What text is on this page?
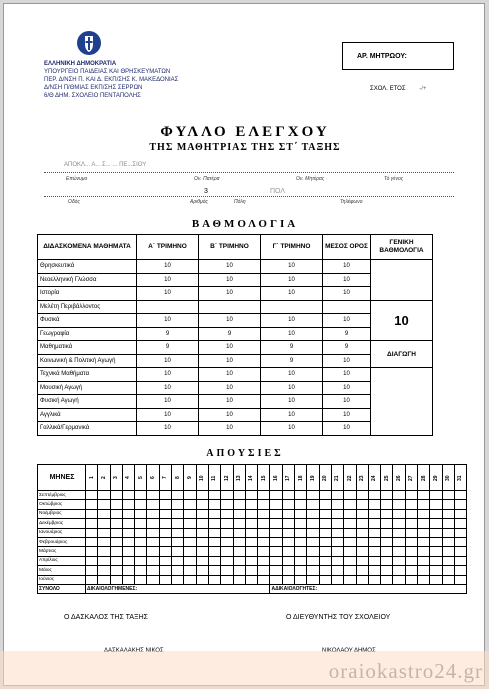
ΕΛΛΗΝΙΚΗ ΔΗΜΟΚΡΑΤΙΑ
ΥΠΟΥΡΓΕΙΟ ΠΑΙΔΕΙΑΣ ΚΑΙ ΘΡΗΣΚΕΥΜΑΤΩΝ
ΠΕΡ. Δ/ΝΣΗ Π. ΚΑΙ Δ. ΕΚΠ/ΣΗΣ Κ. ΜΑΚΕΔΟΝΙΑΣ
Δ/ΝΣΗ Π/ΘΜΙΑΣ ΕΚΠ/ΣΗΣ ΣΕΡΡΩΝ
6/Θ ΔΗΜ. ΣΧΟΛΕΙΟ ΠΕΝΤΑΠΟΛΗΣ
ΑΡ. ΜΗΤΡΩΟΥ:
ΣΧΟΛ. ΕΤΟΣ -/+
ΦΥΛΛΟ ΕΛΕΓΧΟΥ
ΤΗΣ ΜΑΘΗΤΡΙΑΣ ΤΗΣ ΣΤ΄ ΤΑΞΗΣ
ΑΠΟΚΛ... Α... Σ... ... ΠΕ...ΣΙΟΥ
Επώνυμο	Ον. Πατέρα	Ον. Μητέρας	Τό γένος
3	ΠΟΛ
Οδός	Αριθμός	Πόλη	Τηλέφωνο
ΒΑΘΜΟΛΟΓΙΑ
ΔΙΔΑΣΚΟΜΕΝΑ ΜΑΘΗΜΑΤΑ	Α΄ ΤΡΙΜΗΝΟ	Β΄ ΤΡΙΜΗΝΟ	Γ΄ ΤΡΙΜΗΝΟ	ΜΕΣΟΣ ΟΡΟΣ	ΓΕΝΙΚΗ ΒΑΘΜΟΛΟΓΙΑ
Θρησκευτικά	10	10	10	10	
Νεοελληνική Γλώσσα	10	10	10	10	
Ιστορία	10	10	10	10	
Μελέτη Περιβάλλοντος					10
Φυσικά	10	10	10	10	
Γεωγραφία	9	9	10	9	
Μαθηματικά	9	10	9	9	ΔΙΑΓΩΓΗ
Κοινωνική & Πολιτική Αγωγή	10	10	9	10	
Τεχνικά Μαθήματα	10	10	10	10	
Μουσική Αγωγή	10	10	10	10	
Φυσική Αγωγή	10	10	10	10	
Αγγλικά	10	10	10	10	
Γαλλικά/Γερμανικά	10	10	10	10	
ΑΠΟΥΣΙΕΣ
ΜΗΝΕΣ	1	2	3	4	5	6	7	8	9	10	11	12	13	14	15	16	17	18	19	20	21	22	23	24	25	26	27	28	29	30	31
Σεπτέμβριος																															
Οκτώβριος																															
Νοέμβριος																															
Δεκέμβριος																															
Ιανουάριος																															
Φεβρουάριος																															
Μάρτιος																															
Απρίλιος																															
Μάιος																															
Ιούνιος																															
ΣΥΝΟΛΟ	ΔΙΚΑΙΟΛΟΓΗΜΕΝΕΣ:															ΑΔΙΚΑΙΟΛΟΓΗΤΕΣ:															
Ο ΔΑΣΚΑΛΟΣ ΤΗΣ ΤΑΞΗΣ	Ο ΔΙΕΥΘΥΝΤΗΣ ΤΟΥ ΣΧΟΛΕΙΟΥ
oraiokastro24.gr
